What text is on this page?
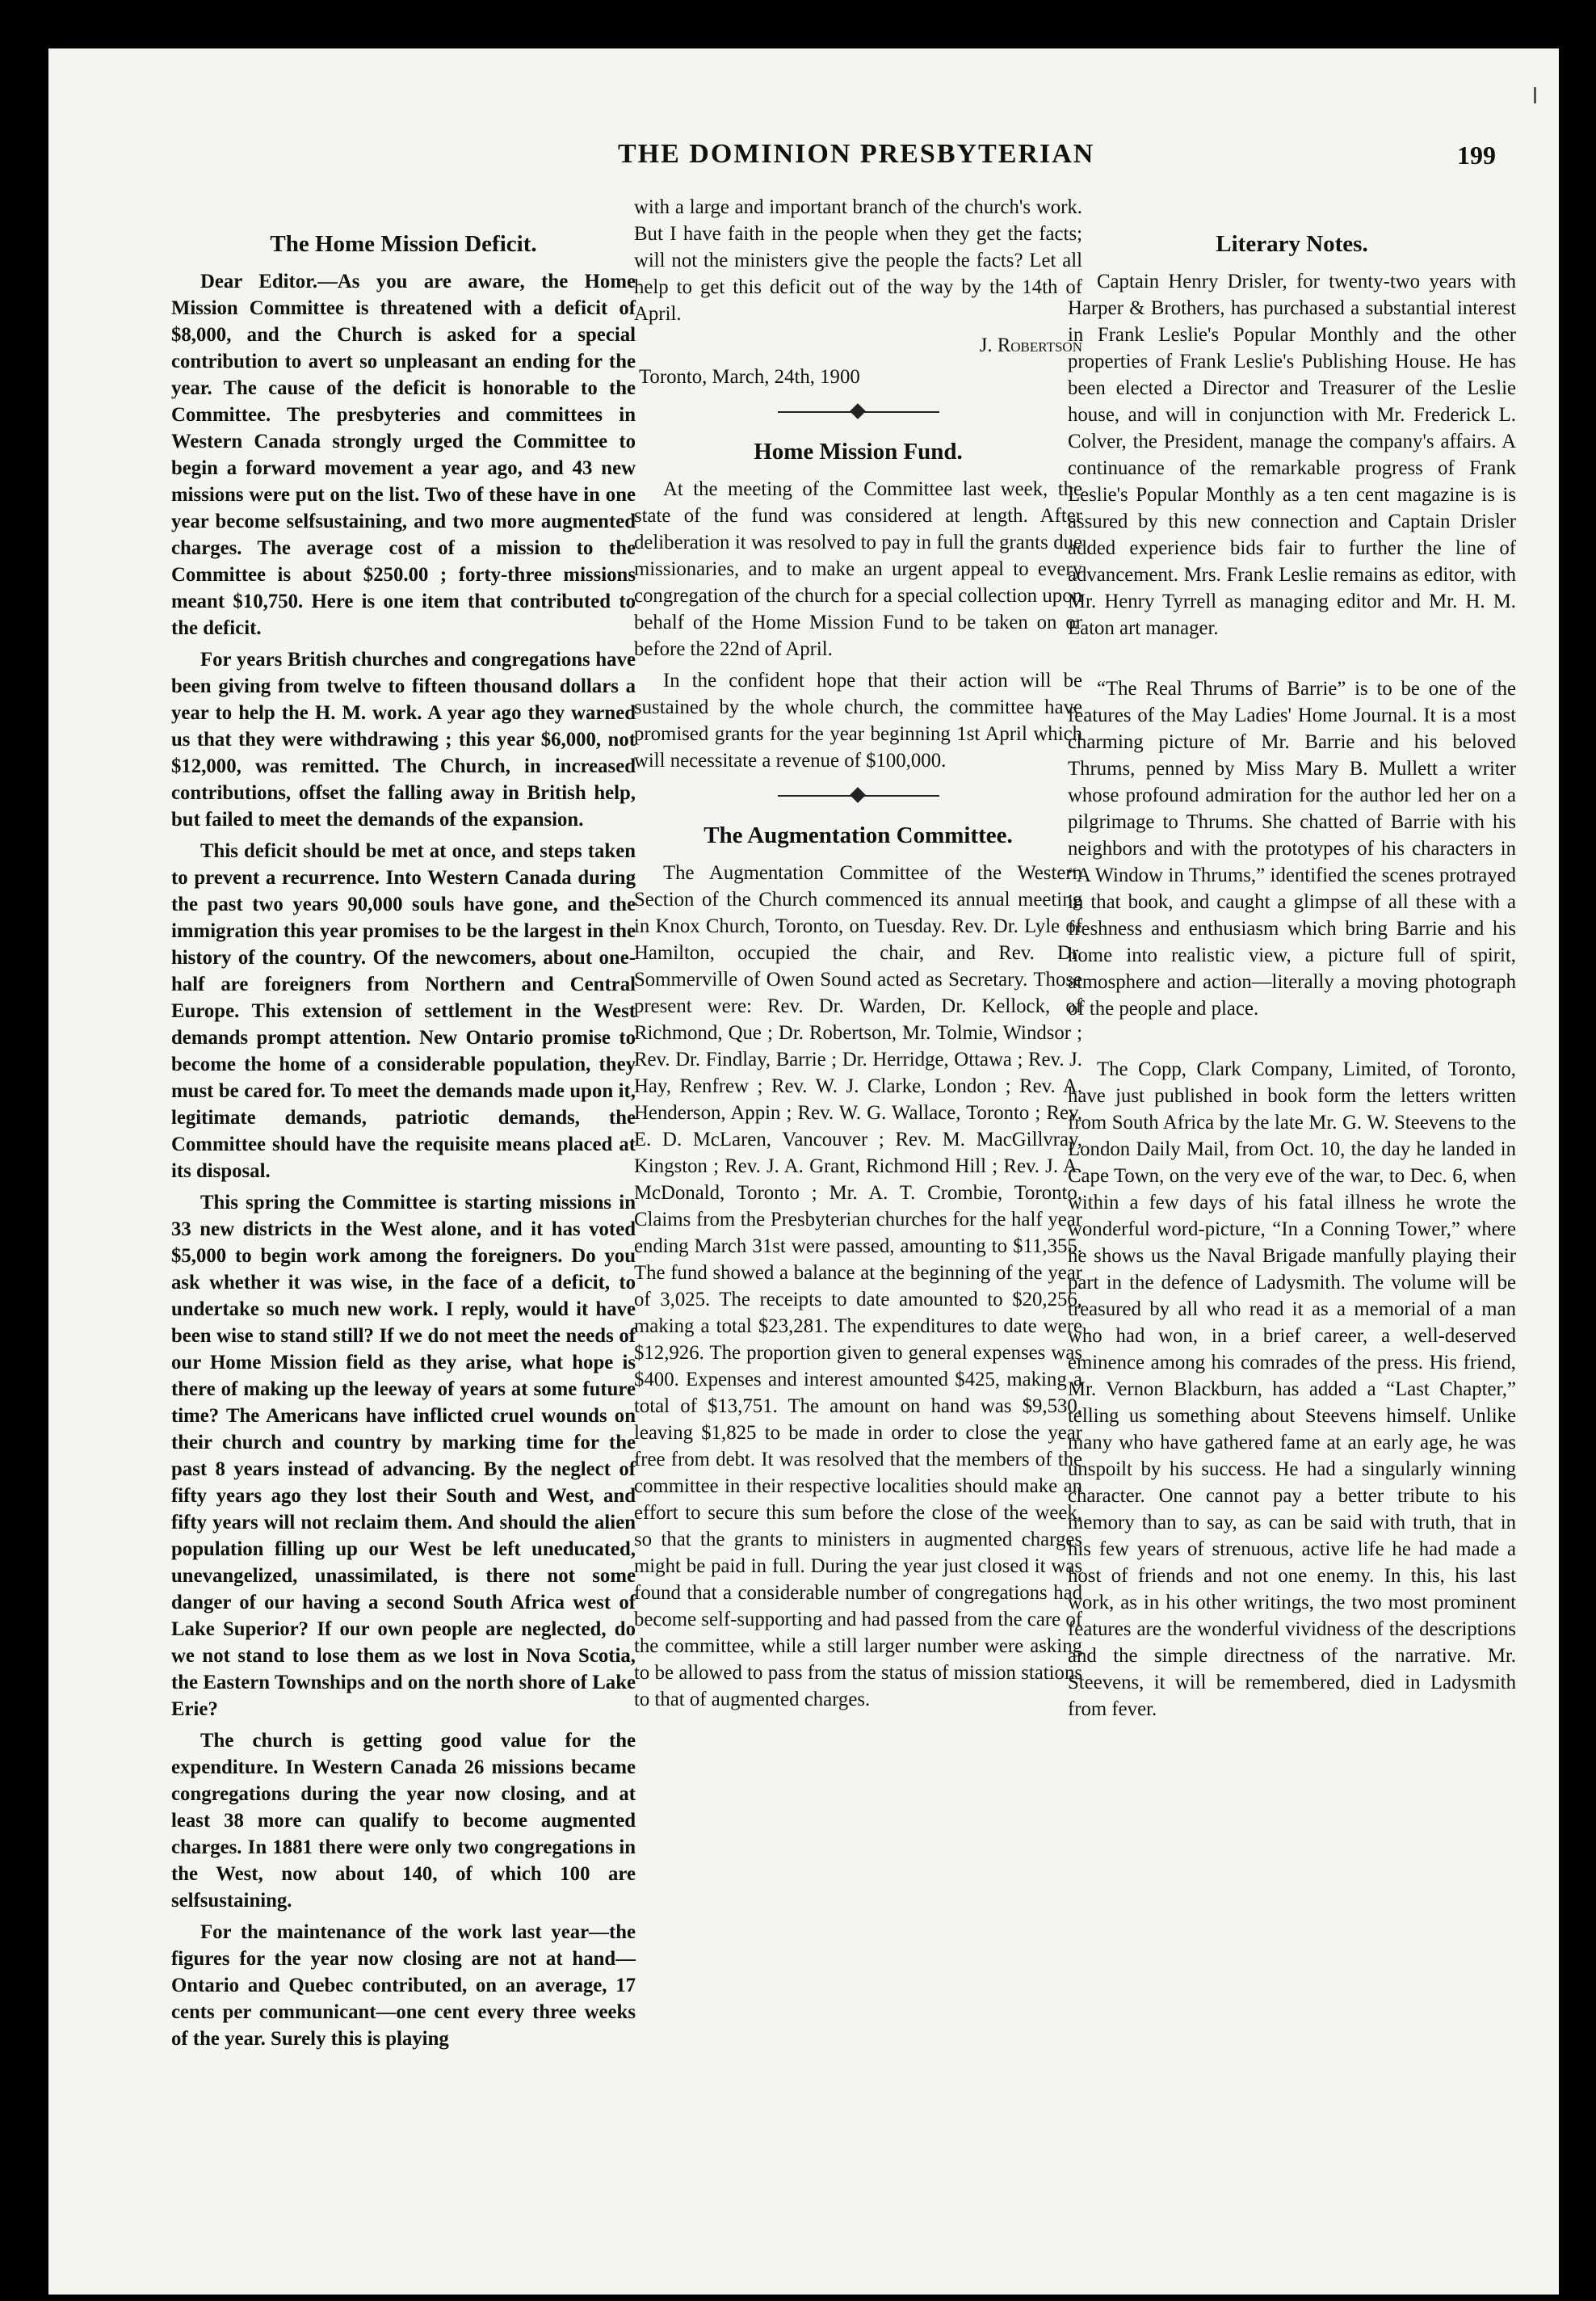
THE DOMINION PRESBYTERIAN	199
The Home Mission Deficit.

Dear Editor.—As you are aware, the Home Mission Committee is threatened with a deficit of $8,000, and the Church is asked for a special contribution to avert so unpleasant an ending for the year. The cause of the deficit is honorable to the Committee. The presbyteries and committees in Western Canada strongly urged the Committee to begin a forward movement a year ago, and 43 new missions were put on the list. Two of these have in one year become selfsustaining, and two more augmented charges. The average cost of a mission to the Committee is about $250.00 ; forty-three missions meant $10,750. Here is one item that contributed to the deficit.

For years British churches and congregations have been giving from twelve to fifteen thousand dollars a year to help the H. M. work. A year ago they warned us that they were withdrawing ; this year $6,000, not $12,000, was remitted. The Church, in increased contributions, offset the falling away in British help, but failed to meet the demands of the expansion.

This deficit should be met at once, and steps taken to prevent a recurrence. Into Western Canada during the past two years 90,000 souls have gone, and the immigration this year promises to be the largest in the history of the country. Of the newcomers, about one-half are foreigners from Northern and Central Europe. This extension of settlement in the West demands prompt attention. New Ontario promise to become the home of a considerable population, they must be cared for. To meet the demands made upon it, legitimate demands, patriotic demands, the Committee should have the requisite means placed at its disposal.

This spring the Committee is starting missions in 33 new districts in the West alone, and it has voted $5,000 to begin work among the foreigners. Do you ask whether it was wise, in the face of a deficit, to undertake so much new work. I reply, would it have been wise to stand still? If we do not meet the needs of our Home Mission field as they arise, what hope is there of making up the leeway of years at some future time? The Americans have inflicted cruel wounds on their church and country by marking time for the past 8 years instead of advancing. By the neglect of fifty years ago they lost their South and West, and fifty years will not reclaim them. And should the alien population filling up our West be left uneducated, unevangelized, unassimilated, is there not some danger of our having a second South Africa west of Lake Superior? If our own people are neglected, do we not stand to lose them as we lost in Nova Scotia, the Eastern Townships and on the north shore of Lake Erie?

The church is getting good value for the expenditure. In Western Canada 26 missions became congregations during the year now closing, and at least 38 more can qualify to become augmented charges. In 1881 there were only two congregations in the West, now about 140, of which 100 are selfsustaining.

For the maintenance of the work last year—the figures for the year now closing are not at hand—Ontario and Quebec contributed, on an average, 17 cents per communicant—one cent every three weeks of the year. Surely this is playing

with a large and important branch of the church's work. But I have faith in the people when they get the facts; will not the ministers give the people the facts? Let all help to get this deficit out of the way by the 14th of April.

J. Robertson

Toronto, March, 24th, 1900

Home Mission Fund.

At the meeting of the Committee last week, the state of the fund was considered at length. After deliberation it was resolved to pay in full the grants due missionaries, and to make an urgent appeal to every congregation of the church for a special collection upon behalf of the Home Mission Fund to be taken on or before the 22nd of April.

In the confident hope that their action will be sustained by the whole church, the committee have promised grants for the year beginning 1st April which will necessitate a revenue of $100,000.

The Augmentation Committee.

The Augmentation Committee of the Western Section of the Church commenced its annual meeting in Knox Church, Toronto, on Tuesday. Rev. Dr. Lyle of Hamilton, occupied the chair, and Rev. Dr. Sommerville of Owen Sound acted as Secretary. Those present were: Rev. Dr. Warden, Dr. Kellock, of Richmond, Que ; Dr. Robertson, Mr. Tolmie, Windsor ; Rev. Dr. Findlay, Barrie ; Dr. Herridge, Ottawa ; Rev. J. Hay, Renfrew ; Rev. W. J. Clarke, London ; Rev. A. Henderson, Appin ; Rev. W. G. Wallace, Toronto ; Rev. E. D. McLaren, Vancouver ; Rev. M. MacGillvray, Kingston ; Rev. J. A. Grant, Richmond Hill ; Rev. J. A. McDonald, Toronto ; Mr. A. T. Crombie, Toronto. Claims from the Presbyterian churches for the half year ending March 31st were passed, amounting to $11,355. The fund showed a balance at the beginning of the year of 3,025. The receipts to date amounted to $20,256, making a total $23,281. The expenditures to date were $12,926. The proportion given to general expenses was $400. Expenses and interest amounted $425, making a total of $13,751. The amount on hand was $9,530, leaving $1,825 to be made in order to close the year free from debt. It was resolved that the members of the committee in their respective localities should make an effort to secure this sum before the close of the week, so that the grants to ministers in augmented charges might be paid in full. During the year just closed it was found that a considerable number of congregations had become self-supporting and had passed from the care of the committee, while a still larger number were asking to be allowed to pass from the status of mission stations to that of augmented charges.

Literary Notes.

Captain Henry Drisler, for twenty-two years with Harper & Brothers, has purchased a substantial interest in Frank Leslie's Popular Monthly and the other properties of Frank Leslie's Publishing House. He has been elected a Director and Treasurer of the Leslie house, and will in conjunction with Mr. Frederick L. Colver, the President, manage the company's affairs. A continuance of the remarkable progress of Frank Leslie's Popular Monthly as a ten cent magazine is is assured by this new connection and Captain Drisler added experience bids fair to further the line of advancement. Mrs. Frank Leslie remains as editor, with Mr. Henry Tyrrell as managing editor and Mr. H. M. Eaton art manager.

“The Real Thrums of Barrie” is to be one of the features of the May Ladies' Home Journal. It is a most charming picture of Mr. Barrie and his beloved Thrums, penned by Miss Mary B. Mullett a writer whose profound admiration for the author led her on a pilgrimage to Thrums. She chatted of Barrie with his neighbors and with the prototypes of his characters in “A Window in Thrums,” identified the scenes protrayed in that book, and caught a glimpse of all these with a freshness and enthusiasm which bring Barrie and his home into realistic view, a picture full of spirit, atmosphere and action—literally a moving photograph of the people and place.

The Copp, Clark Company, Limited, of Toronto, have just published in book form the letters written from South Africa by the late Mr. G. W. Steevens to the London Daily Mail, from Oct. 10, the day he landed in Cape Town, on the very eve of the war, to Dec. 6, when within a few days of his fatal illness he wrote the wonderful word-picture, “In a Conning Tower,” where he shows us the Naval Brigade manfully playing their part in the defence of Ladysmith. The volume will be treasured by all who read it as a memorial of a man who had won, in a brief career, a well-deserved eminence among his comrades of the press. His friend, Mr. Vernon Blackburn, has added a “Last Chapter,” telling us something about Steevens himself. Unlike many who have gathered fame at an early age, he was unspoilt by his success. He had a singularly winning character. One cannot pay a better tribute to his memory than to say, as can be said with truth, that in his few years of strenuous, active life he had made a host of friends and not one enemy. In this, his last work, as in his other writings, the two most prominent features are the wonderful vividness of the descriptions and the simple directness of the narrative. Mr. Steevens, it will be remembered, died in Ladysmith from fever.
